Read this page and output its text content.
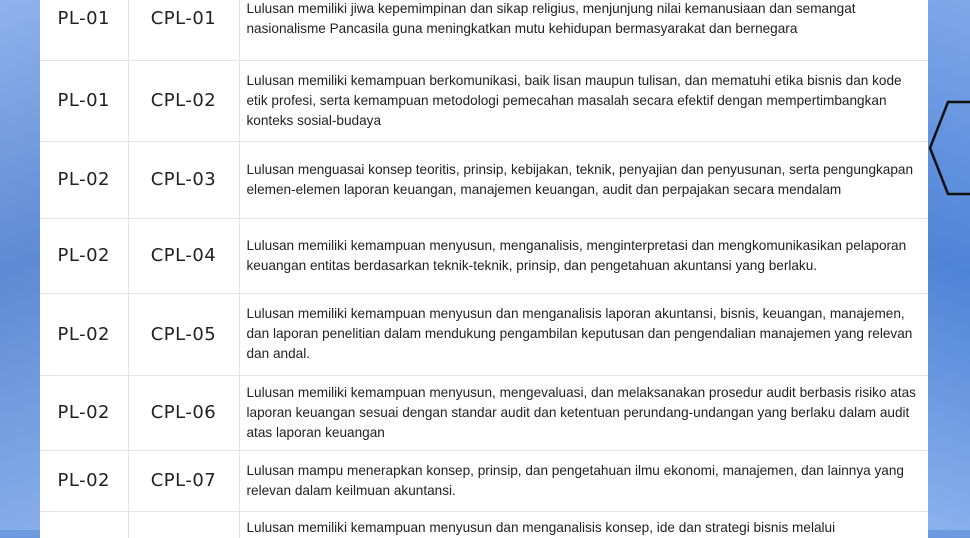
PL-01	CPL-01	Lulusan memiliki jiwa kepemimpinan dan sikap religius, menjunjung nilai kemanusiaan dan semangat nasionalisme Pancasila guna meningkatkan mutu kehidupan bermasyarakat dan bernegara
PL-01	CPL-02	Lulusan memiliki kemampuan berkomunikasi, baik lisan maupun tulisan, dan mematuhi etika bisnis dan kode etik profesi, serta kemampuan metodologi pemecahan masalah secara efektif dengan mempertimbangkan konteks sosial-budaya
PL-02	CPL-03	Lulusan menguasai konsep teoritis, prinsip, kebijakan, teknik, penyajian dan penyusunan, serta pengungkapan elemen-elemen laporan keuangan, manajemen keuangan, audit dan perpajakan secara mendalam
PL-02	CPL-04	Lulusan memiliki kemampuan menyusun, menganalisis, menginterpretasi dan mengkomunikasikan pelaporan keuangan entitas berdasarkan teknik-teknik, prinsip, dan pengetahuan akuntansi yang berlaku.
PL-02	CPL-05	Lulusan memiliki kemampuan menyusun dan menganalisis laporan akuntansi, bisnis, keuangan, manajemen, dan laporan penelitian dalam mendukung pengambilan keputusan dan pengendalian manajemen yang relevan dan andal.
PL-02	CPL-06	Lulusan memiliki kemampuan menyusun, mengevaluasi, dan melaksanakan prosedur audit berbasis risiko atas laporan keuangan sesuai dengan standar audit dan ketentuan perundang-undangan yang berlaku dalam audit atas laporan keuangan
PL-02	CPL-07	Lulusan mampu menerapkan konsep, prinsip, dan pengetahuan ilmu ekonomi, manajemen, dan lainnya yang relevan dalam keilmuan akuntansi.
		Lulusan memiliki kemampuan menyusun dan menganalisis konsep, ide dan strategi bisnis melalui
